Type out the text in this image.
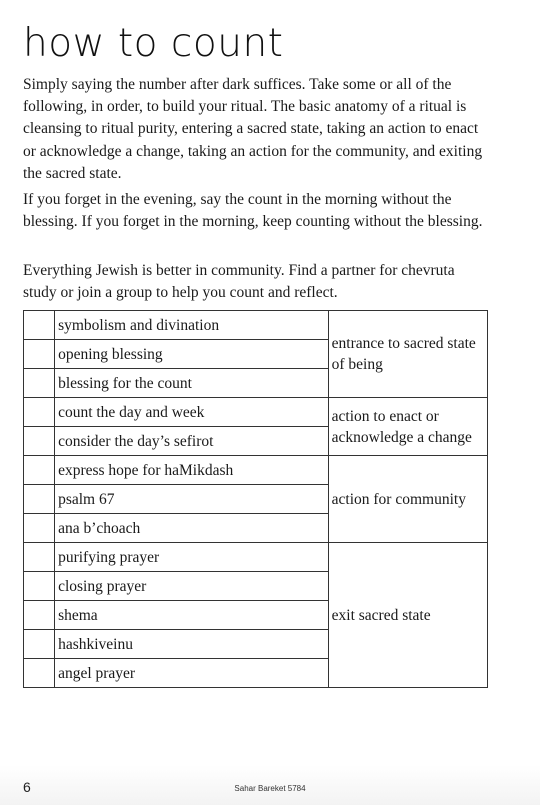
how to count

Simply saying the number after dark suffices. Take some or all of the following, in order, to build your ritual. The basic anatomy of a ritual is cleansing to ritual purity, entering a sacred state, taking an action to enact or acknowledge a change, taking an action for the community, and exiting the sacred state.

If you forget in the evening, say the count in the morning without the blessing. If you forget in the morning, keep counting without the blessing.

Everything Jewish is better in community. Find a partner for chevruta study or join a group to help you count and reflect.

	symbolism and divination	entrance to sacred state of being
	opening blessing	
	blessing for the count	
	count the day and week	action to enact or acknowledge a change
	consider the day’s sefirot	
	express hope for haMikdash	action for community
	psalm 67	
	ana b’choach	
	purifying prayer	exit sacred state
	closing prayer	
	shema	
	hashkiveinu	
	angel prayer	
6	Sahar Bareket 5784
